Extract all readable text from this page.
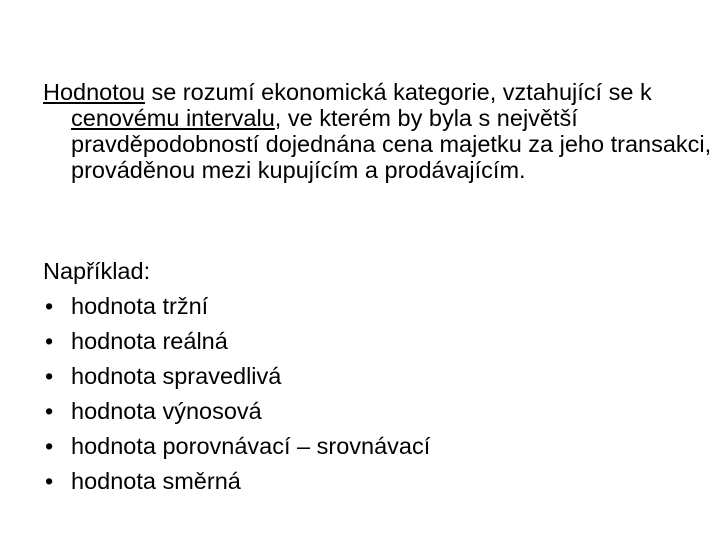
Hodnotou se rozumí ekonomická kategorie, vztahující se k cenovému intervalu, ve kterém by byla s největší pravděpodobností dojednána cena majetku za jeho transakci, prováděnou mezi kupujícím a prodávajícím.

Například:
• hodnota tržní
• hodnota reálná
• hodnota spravedlivá
• hodnota výnosová
• hodnota porovnávací – srovnávací
• hodnota směrná
